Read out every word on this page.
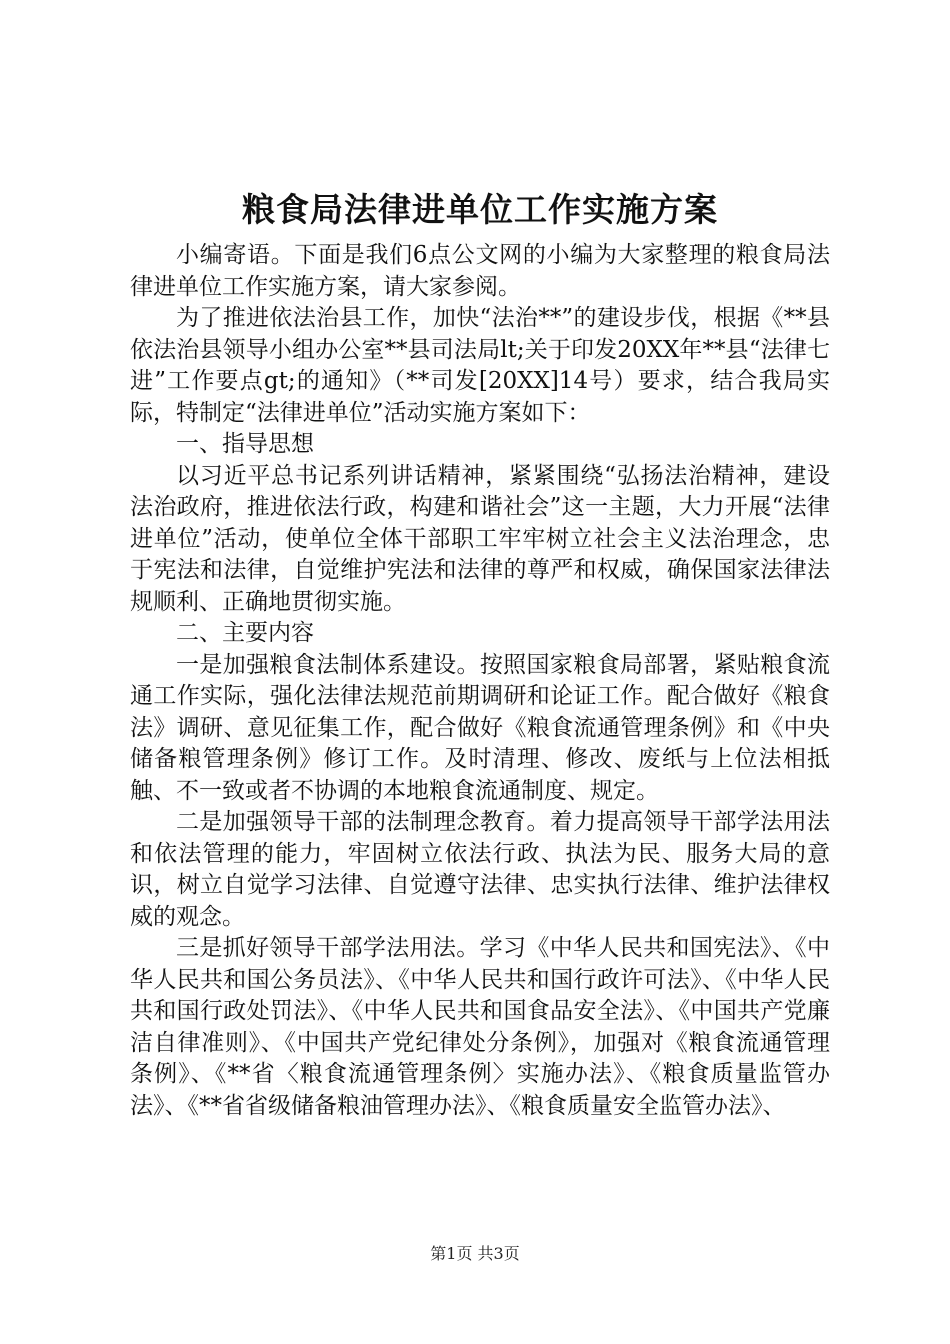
粮食局法律进单位工作实施方案

小编寄语。下面是我们6点公文网的小编为大家整理的粮食局法律进单位工作实施方案，请大家参阅。

为了推进依法治县工作，加快“法治**”的建设步伐，根据《**县依法治县领导小组办公室**县司法局lt;关于印发20XX年**县“法律七进”工作要点gt;的通知》（**司发[20XX]14号）要求，结合我局实际，特制定“法律进单位”活动实施方案如下：

一、指导思想

以习近平总书记系列讲话精神，紧紧围绕“弘扬法治精神，建设法治政府，推进依法行政，构建和谐社会”这一主题，大力开展“法律进单位”活动，使单位全体干部职工牢牢树立社会主义法治理念，忠于宪法和法律，自觉维护宪法和法律的尊严和权威，确保国家法律法规顺利、正确地贯彻实施。

二、主要内容

一是加强粮食法制体系建设。按照国家粮食局部署，紧贴粮食流通工作实际，强化法律法规范前期调研和论证工作。配合做好《粮食法》调研、意见征集工作，配合做好《粮食流通管理条例》和《中央储备粮管理条例》修订工作。及时清理、修改、废纸与上位法相抵触、不一致或者不协调的本地粮食流通制度、规定。

二是加强领导干部的法制理念教育。着力提高领导干部学法用法和依法管理的能力，牢固树立依法行政、执法为民、服务大局的意识，树立自觉学习法律、自觉遵守法律、忠实执行法律、维护法律权威的观念。

三是抓好领导干部学法用法。学习《中华人民共和国宪法》、《中华人民共和国公务员法》、《中华人民共和国行政许可法》、《中华人民共和国行政处罚法》、《中华人民共和国食品安全法》、《中国共产党廉洁自律准则》、《中国共产党纪律处分条例》，加强对《粮食流通管理条例》、《**省〈粮食流通管理条例〉实施办法》、《粮食质量监管办法》、《**省省级储备粮油管理办法》、《粮食质量安全监管办法》、

第1页 共3页
